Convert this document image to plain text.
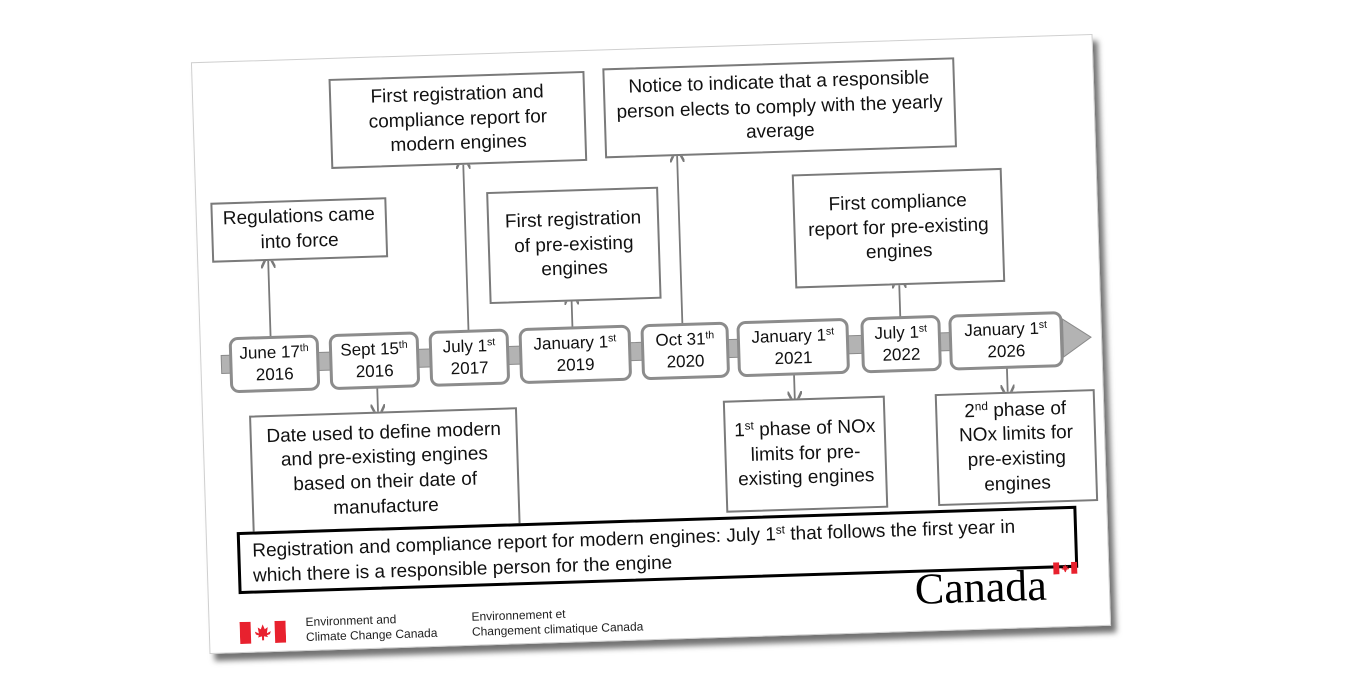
June 17th
2016
Sept 15th
2016
July 1st
2017
January 1st
2019
Oct 31th
2020
January 1st
2021
July 1st
2022
January 1st
2026
Regulations came into force
First registration and compliance report for modern engines
First registration of pre-existing engines
Notice to indicate that a responsible person elects to comply with the yearly average
First compliance report for pre-existing engines
Date used to define modern and pre-existing engines based on their date of manufacture
1st phase of NOx limits for pre-existing engines
2nd phase of NOx limits for pre-existing engines
Registration and compliance report for modern engines: July 1st that follows the first year in which there is a responsible person for the engine
Environment and
Climate Change Canada
Environnement et
Changement climatique Canada
Canada
